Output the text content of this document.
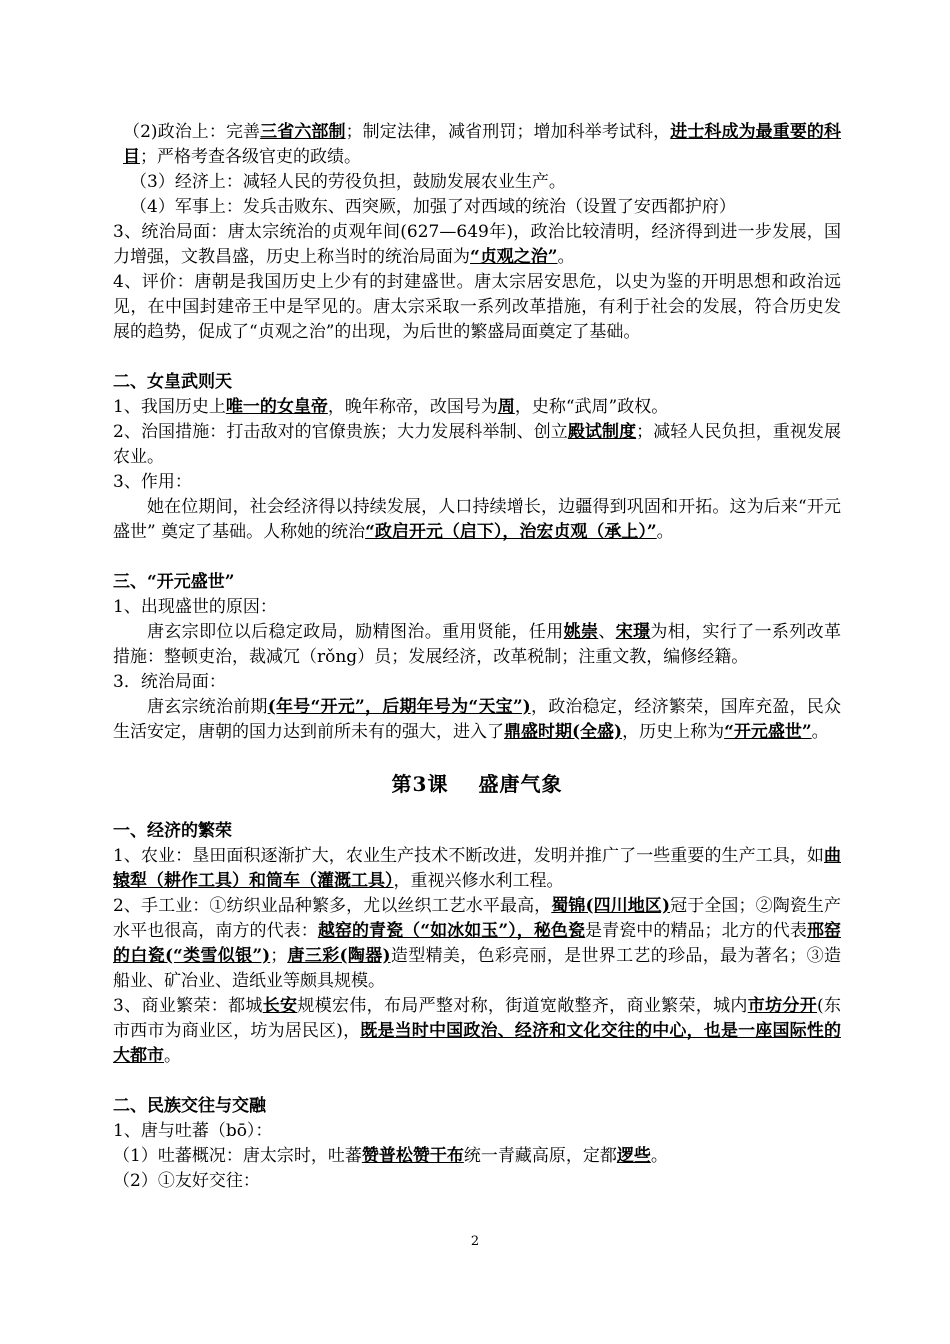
（2)政治上：完善三省六部制；制定法律，减省刑罚；增加科举考试科，进士科成为最重要的科目；严格考查各级官吏的政绩。

（3）经济上：减轻人民的劳役负担，鼓励发展农业生产。

（4）军事上：发兵击败东、西突厥，加强了对西域的统治（设置了安西都护府）

3、统治局面：唐太宗统治的贞观年间(627—649年)，政治比较清明，经济得到进一步发展，国力增强，文教昌盛，历史上称当时的统治局面为“贞观之治”。

4、评价：唐朝是我国历史上少有的封建盛世。唐太宗居安思危，以史为鉴的开明思想和政治远见，在中国封建帝王中是罕见的。唐太宗采取一系列改革措施，有利于社会的发展，符合历史发展的趋势，促成了“贞观之治”的出现，为后世的繁盛局面奠定了基础。

二、女皇武则天

1、我国历史上唯一的女皇帝，晚年称帝，改国号为周，史称“武周”政权。

2、治国措施：打击敌对的官僚贵族；大力发展科举制、创立殿试制度；减轻人民负担，重视发展农业。

3、作用：

她在位期间，社会经济得以持续发展，人口持续增长，边疆得到巩固和开拓。这为后来“开元盛世” 奠定了基础。人称她的统治“政启开元（启下），治宏贞观（承上）”。

三、“开元盛世”

1、出现盛世的原因：

唐玄宗即位以后稳定政局，励精图治。重用贤能，任用姚崇、宋璟为相，实行了一系列改革措施：整顿吏治，裁减冗（rǒng）员；发展经济，改革税制；注重文教，编修经籍。

3．统治局面：

唐玄宗统治前期(年号“开元”，后期年号为“天宝”)，政治稳定，经济繁荣，国库充盈，民众生活安定，唐朝的国力达到前所未有的强大，进入了鼎盛时期(全盛)，历史上称为“开元盛世”。

第3课 盛唐气象

一、经济的繁荣

1、农业：垦田面积逐渐扩大，农业生产技术不断改进，发明并推广了一些重要的生产工具，如曲辕犁（耕作工具）和筒车（灌溉工具），重视兴修水利工程。

2、手工业：①纺织业品种繁多，尤以丝织工艺水平最高，蜀锦(四川地区)冠于全国；②陶瓷生产水平也很高，南方的代表：越窑的青瓷（“如冰如玉”），秘色瓷是青瓷中的精品；北方的代表邢窑的白瓷(“类雪似银”)；唐三彩(陶器)造型精美，色彩亮丽，是世界工艺的珍品，最为著名；③造船业、矿冶业、造纸业等颇具规模。

3、商业繁荣：都城长安规模宏伟，布局严整对称，街道宽敞整齐，商业繁荣，城内市坊分开(东市西市为商业区，坊为居民区)，既是当时中国政治、经济和文化交往的中心，也是一座国际性的大都市。

二、民族交往与交融

1、唐与吐蕃（bō）：

（1）吐蕃概况：唐太宗时，吐蕃赞普松赞干布统一青藏高原，定都逻些。

（2）①友好交往：

2
